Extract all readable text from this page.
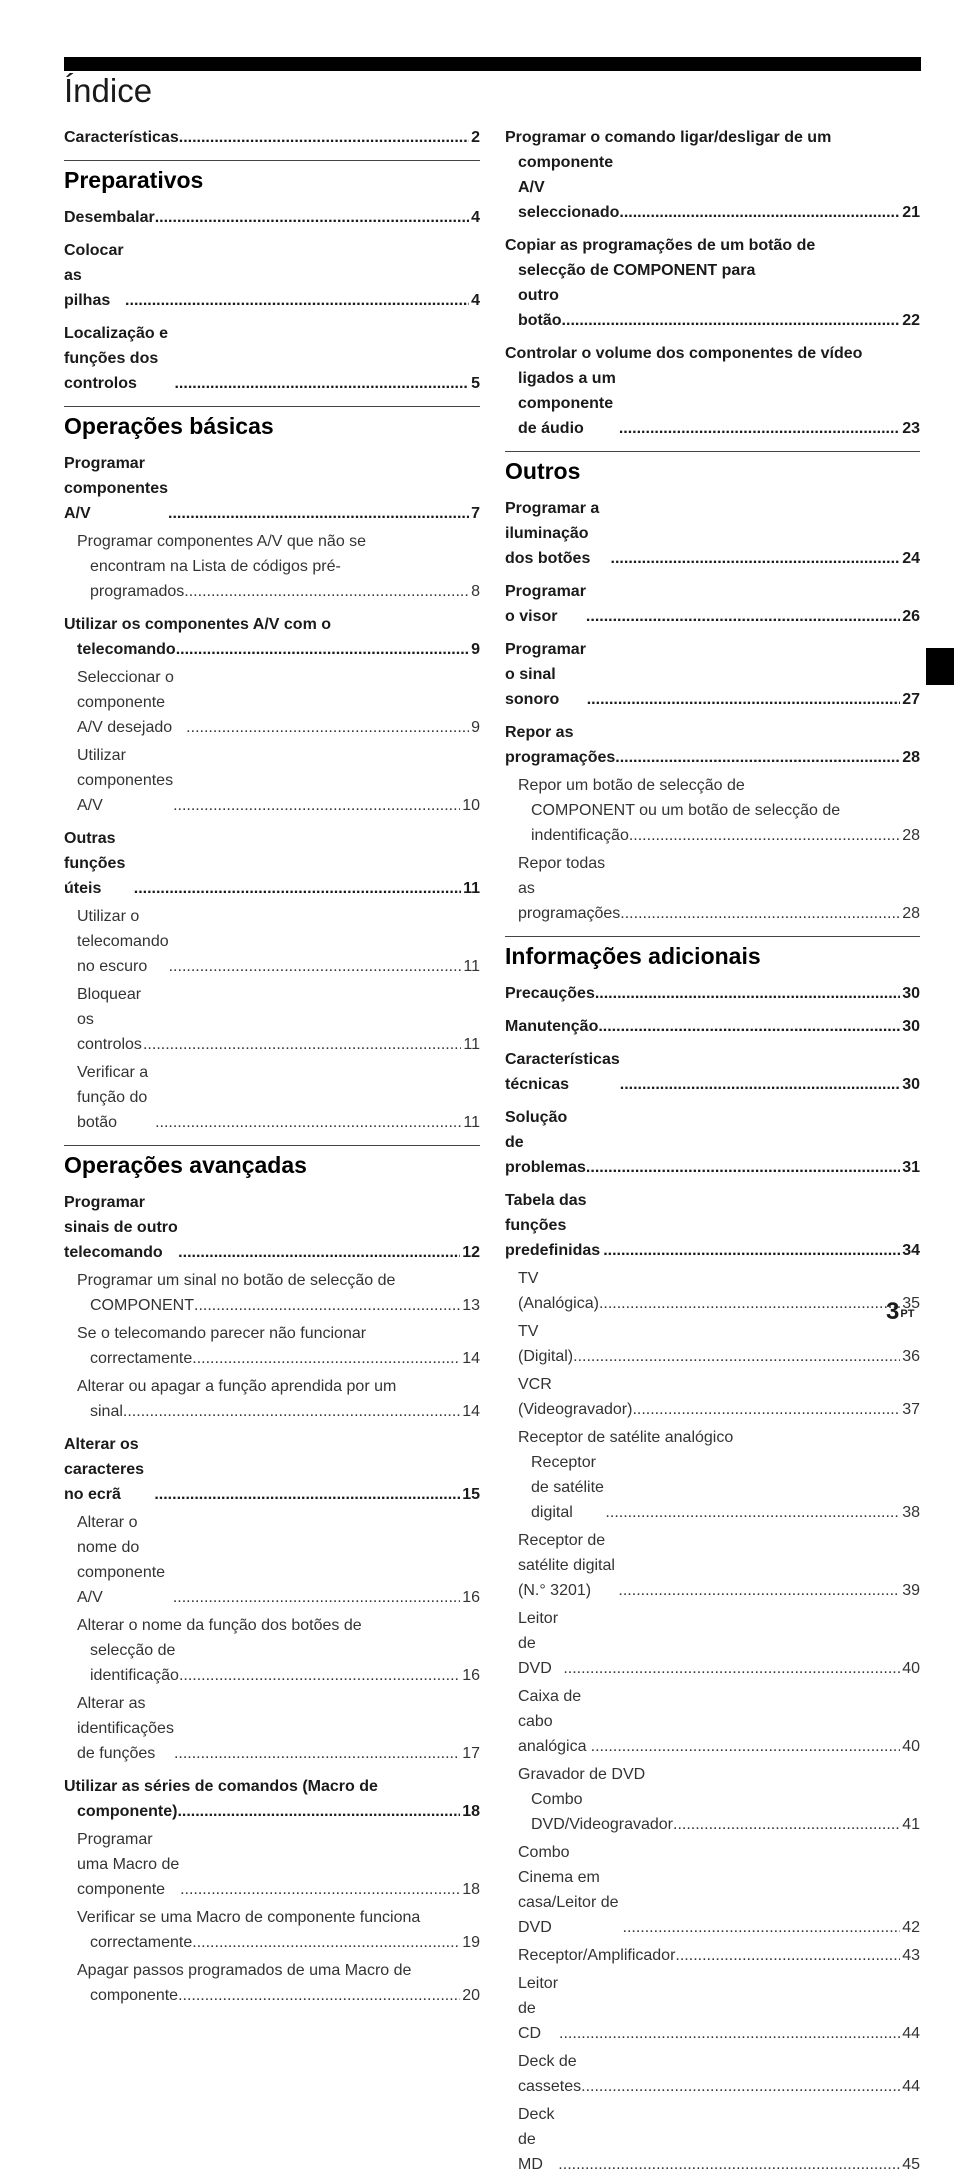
Índice
$3^{PT}$
Características .....	2
Preparativos
Desembalar .....	4
Colocar as pilhas .....	4
Localização e funções dos controlos .....	5
Operações básicas
Programar componentes A/V .....	7
Programar componentes A/V que não se
encontram na Lista de códigos pré-
programados .....	8
Utilizar os componentes A/V com o
telecomando .....	9
Seleccionar o componente A/V desejado .....	9
Utilizar componentes A/V .....	10
Outras funções úteis .....	11
Utilizar o telecomando no escuro .....	11
Bloquear os controlos .....	11
Verificar a função do botão .....	11
Operações avançadas
Programar sinais de outro telecomando .....	12
Programar um sinal no botão de selecção de
COMPONENT .....	13
Se o telecomando parecer não funcionar
correctamente .....	14
Alterar ou apagar a função aprendida por um
sinal .....	14
Alterar os caracteres no ecrã .....	15
Alterar o nome do componente A/V .....	16
Alterar o nome da função dos botões de
selecção de identificação .....	16
Alterar as identificações de funções .....	17
Utilizar as séries de comandos (Macro de
componente) .....	18
Programar uma Macro de componente .....	18
Verificar se uma Macro de componente funciona
correctamente .....	19
Apagar passos programados de uma Macro de
componente .....	20
Programar o comando ligar/desligar de um
componente A/V seleccionado .....	21
Copiar as programações de um botão de
selecção de COMPONENT para
outro botão .....	22
Controlar o volume dos componentes de vídeo
ligados a um componente de áudio .....	23
Outros
Programar a iluminação dos botões .....	24
Programar o visor .....	26
Programar o sinal sonoro .....	27
Repor as programações .....	28
Repor um botão de selecção de
COMPONENT ou um botão de selecção de
indentificação .....	28
Repor todas as programações .....	28
Informações adicionais
Precauções .....	30
Manutenção .....	30
Características técnicas .....	30
Solução de problemas .....	31
Tabela das funções predefinidas .....	34
TV (Analógica) .....	35
TV (Digital) .....	36
VCR (Videogravador) .....	37
Receptor de satélite analógico
Receptor de satélite digital .....	38
Receptor de satélite digital (N.° 3201) .....	39
Leitor de DVD .....	40
Caixa de cabo analógica .....	40
Gravador de DVD
Combo DVD/Videogravador .....	41
Combo Cinema em casa/Leitor de DVD .....	42
Receptor/Amplificador .....	43
Leitor de CD .....	44
Deck de cassetes .....	44
Deck de MD .....	45
